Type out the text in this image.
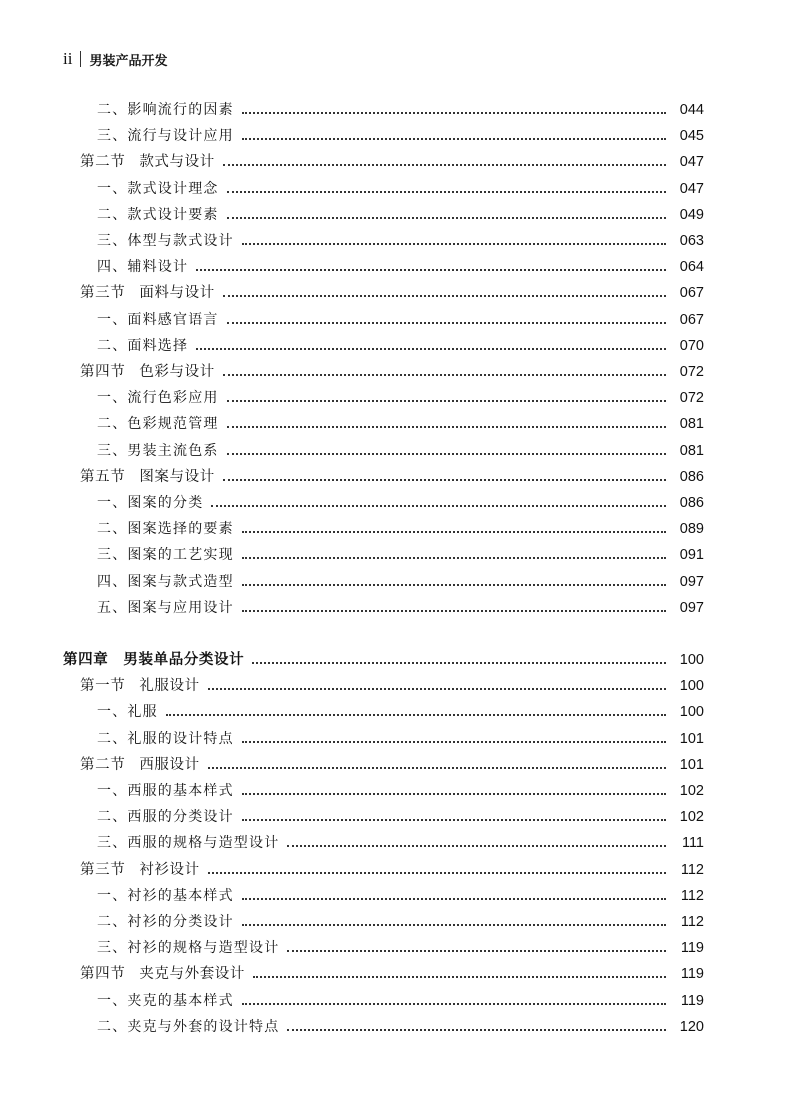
ii 男装产品开发
二、影响流行的因素	044
三、流行与设计应用	045
第二节 款式与设计	047
一、款式设计理念	047
二、款式设计要素	049
三、体型与款式设计	063
四、辅料设计	064
第三节 面料与设计	067
一、面料感官语言	067
二、面料选择	070
第四节 色彩与设计	072
一、流行色彩应用	072
二、色彩规范管理	081
三、男装主流色系	081
第五节 图案与设计	086
一、图案的分类	086
二、图案选择的要素	089
三、图案的工艺实现	091
四、图案与款式造型	097
五、图案与应用设计	097
第四章　男装单品分类设计	100
第一节 礼服设计	100
一、礼服	100
二、礼服的设计特点	101
第二节 西服设计	101
一、西服的基本样式	102
二、西服的分类设计	102
三、西服的规格与造型设计	111
第三节 衬衫设计	112
一、衬衫的基本样式	112
二、衬衫的分类设计	112
三、衬衫的规格与造型设计	119
第四节 夹克与外套设计	119
一、夹克的基本样式	119
二、夹克与外套的设计特点	120
